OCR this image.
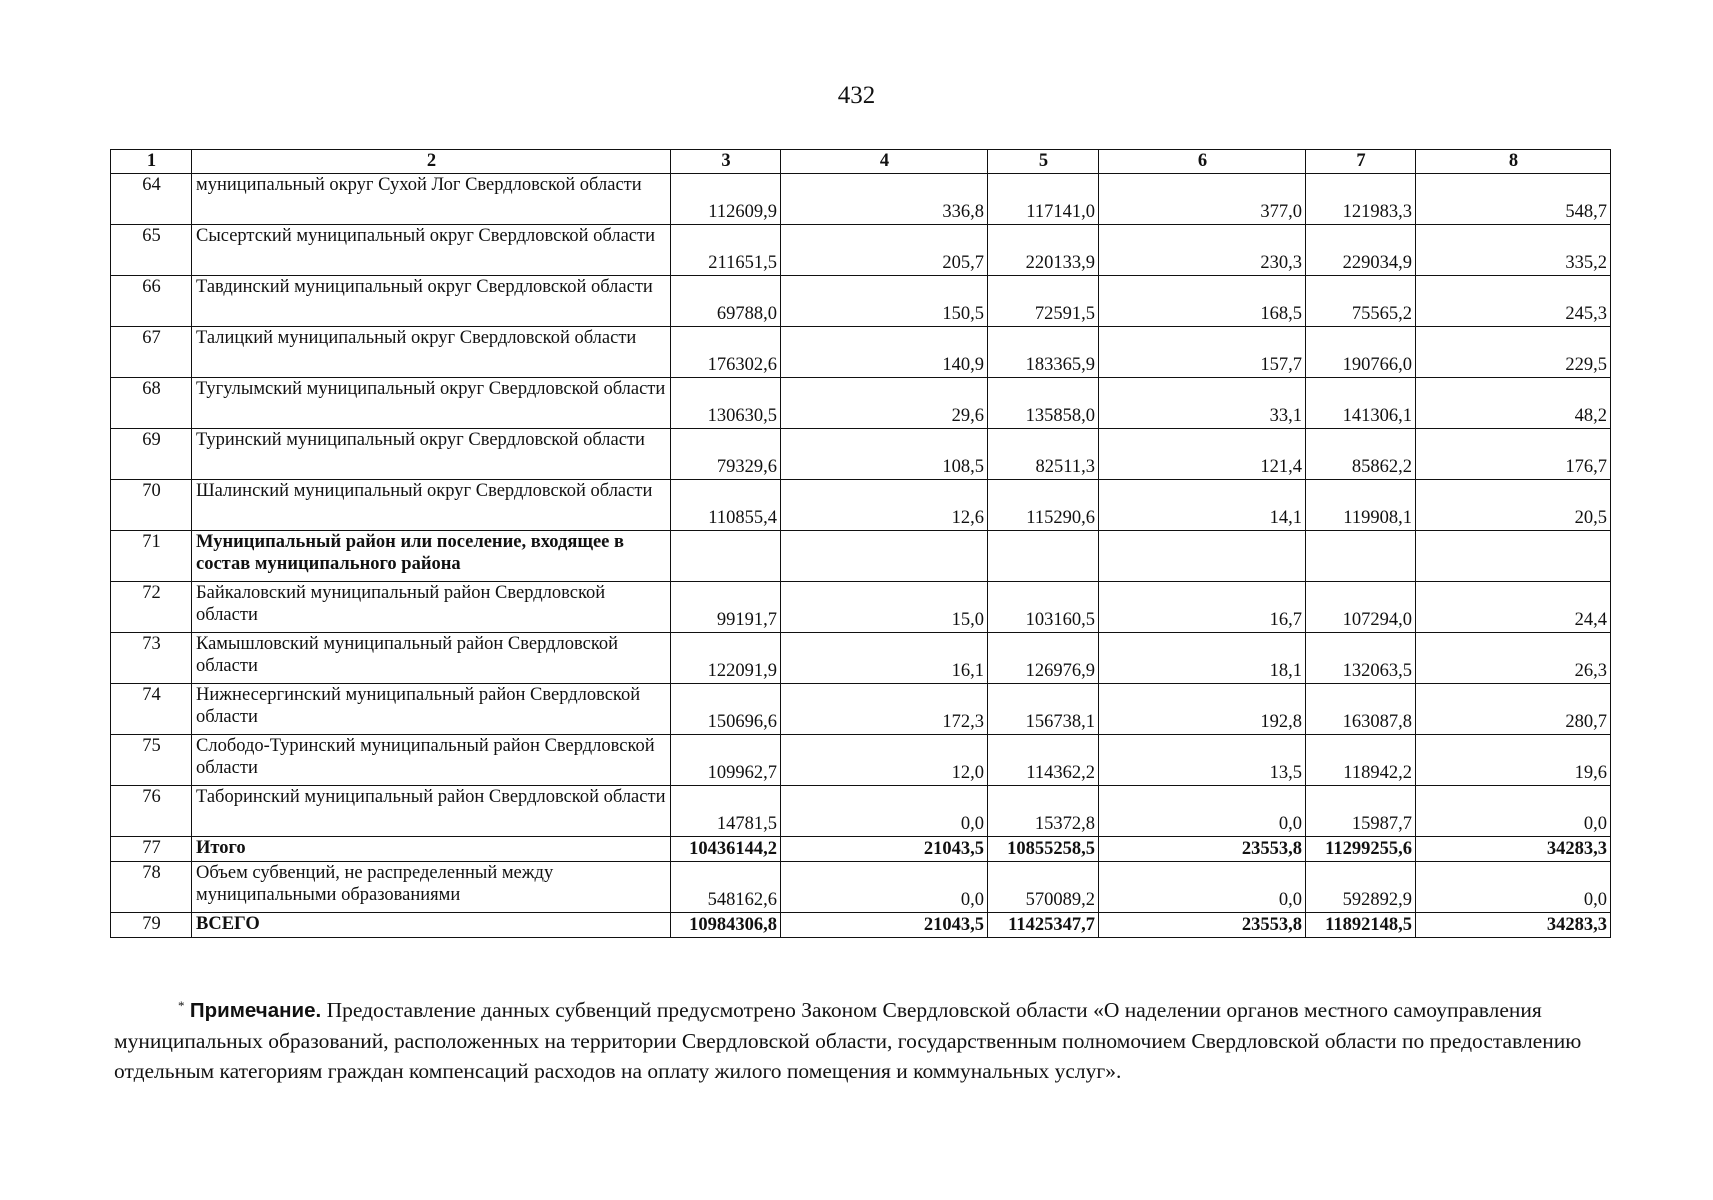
432
1	2	3	4	5	6	7	8
64	муниципальный округ Сухой Лог Свердловской области	112609,9	336,8	117141,0	377,0	121983,3	548,7
65	Сысертский муниципальный округ Свердловской области	211651,5	205,7	220133,9	230,3	229034,9	335,2
66	Тавдинский муниципальный округ Свердловской области	69788,0	150,5	72591,5	168,5	75565,2	245,3
67	Талицкий муниципальный округ Свердловской области	176302,6	140,9	183365,9	157,7	190766,0	229,5
68	Тугулымский муниципальный округ Свердловской области	130630,5	29,6	135858,0	33,1	141306,1	48,2
69	Туринский муниципальный округ Свердловской области	79329,6	108,5	82511,3	121,4	85862,2	176,7
70	Шалинский муниципальный округ Свердловской области	110855,4	12,6	115290,6	14,1	119908,1	20,5
71	Муниципальный район или поселение, входящее в состав муниципального района						
72	Байкаловский муниципальный район Свердловской области	99191,7	15,0	103160,5	16,7	107294,0	24,4
73	Камышловский муниципальный район Свердловской области	122091,9	16,1	126976,9	18,1	132063,5	26,3
74	Нижнесергинский муниципальный район Свердловской области	150696,6	172,3	156738,1	192,8	163087,8	280,7
75	Слободо-Туринский муниципальный район Свердловской области	109962,7	12,0	114362,2	13,5	118942,2	19,6
76	Таборинский муниципальный район Свердловской области	14781,5	0,0	15372,8	0,0	15987,7	0,0
77	Итого	10436144,2	21043,5	10855258,5	23553,8	11299255,6	34283,3
78	Объем субвенций, не распределенный между муниципальными образованиями	548162,6	0,0	570089,2	0,0	592892,9	0,0
79	ВСЕГО	10984306,8	21043,5	11425347,7	23553,8	11892148,5	34283,3
* Примечание. Предоставление данных субвенций предусмотрено Законом Свердловской области «О наделении органов местного самоуправления муниципальных образований, расположенных на территории Свердловской области, государственным полномочием Свердловской области по предоставлению отдельным категориям граждан компенсаций расходов на оплату жилого помещения и коммунальных услуг».
